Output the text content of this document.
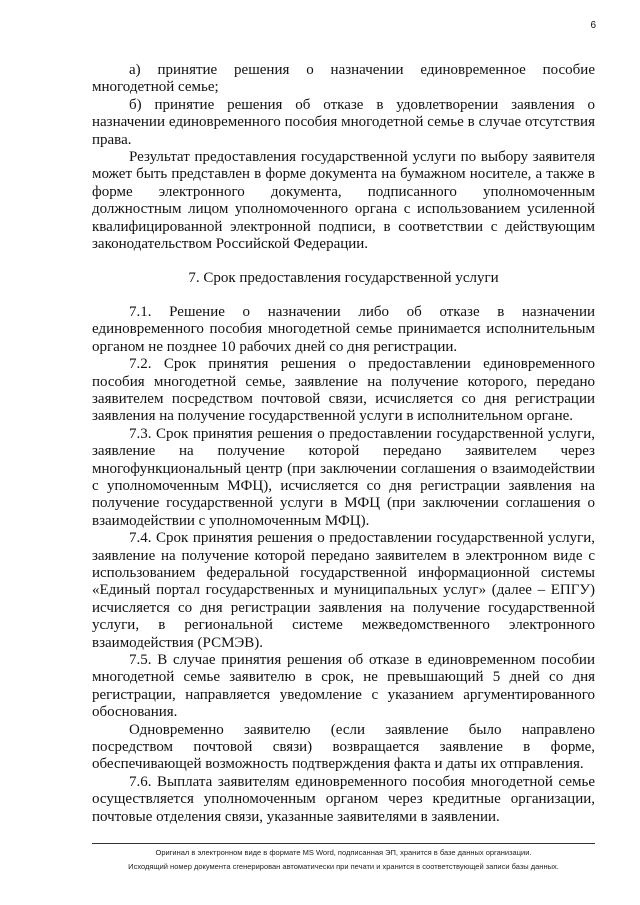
6

а) принятие решения о назначении единовременное пособие многодетной семье;

б) принятие решения об отказе в удовлетворении заявления о назначении единовременного пособия многодетной семье в случае отсутствия права.

Результат предоставления государственной услуги по выбору заявителя может быть представлен в форме документа на бумажном носителе, а также в форме электронного документа, подписанного уполномоченным должностным лицом уполномоченного органа с использованием усиленной квалифицированной электронной подписи, в соответствии с действующим законодательством Российской Федерации.

7. Срок предоставления государственной услуги

7.1. Решение о назначении либо об отказе в назначении единовременного пособия многодетной семье принимается исполнительным органом не позднее 10 рабочих дней со дня регистрации.

7.2. Срок принятия решения о предоставлении единовременного пособия многодетной семье, заявление на получение которого, передано заявителем посредством почтовой связи, исчисляется со дня регистрации заявления на получение государственной услуги в исполнительном органе.

7.3. Срок принятия решения о предоставлении государственной услуги, заявление на получение которой передано заявителем через многофункциональный центр (при заключении соглашения о взаимодействии с уполномоченным МФЦ), исчисляется со дня регистрации заявления на получение государственной услуги в МФЦ (при заключении соглашения о взаимодействии с уполномоченным МФЦ).

7.4. Срок принятия решения о предоставлении государственной услуги, заявление на получение которой передано заявителем в электронном виде с использованием федеральной государственной информационной системы «Единый портал государственных и муниципальных услуг» (далее – ЕПГУ) исчисляется со дня регистрации заявления на получение государственной услуги, в региональной системе межведомственного электронного взаимодействия (РСМЭВ).

7.5. В случае принятия решения об отказе в единовременном пособии многодетной семье заявителю в срок, не превышающий 5 дней со дня регистрации, направляется уведомление с указанием аргументированного обоснования.

Одновременно заявителю (если заявление было направлено посредством почтовой связи) возвращается заявление в форме, обеспечивающей возможность подтверждения факта и даты их отправления.

7.6. Выплата заявителям единовременного пособия многодетной семье осуществляется уполномоченным органом через кредитные организации, почтовые отделения связи, указанные заявителями в заявлении.

Оригинал в электронном виде в формате MS Word, подписанная ЭП, хранится в базе данных организации.
Исходящий номер документа сгенерирован автоматически при печати и хранится в соответствующей записи базы данных.
